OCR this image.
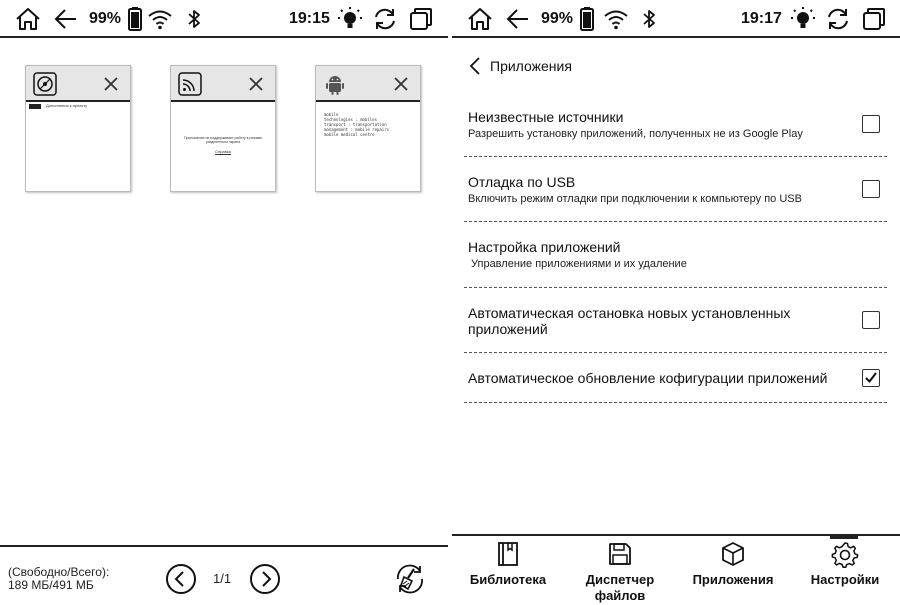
99%	19:15
Дополнения к проекту
Приложение не поддерживает работу в режиме разделенного экрана
Справка
mobile
technologies : mobiles
transport : transportation
management : mobile repairs
mobile medical centre
(Свободно/Всего):
189 МБ/491 МБ	1/1
99%	19:17
Приложения
Неизвестные источники
Разрешить установку приложений, полученных не из Google Play
Отладка по USB
Включить режим отладки при подключении к компьютеру по USB
Настройка приложений
Управление приложениями и их удаление
Автоматическая остановка новых установленных приложений
Автоматическое обновление кофигурации приложений
Библиотека	Диспетчер файлов
Приложения	Настройки
